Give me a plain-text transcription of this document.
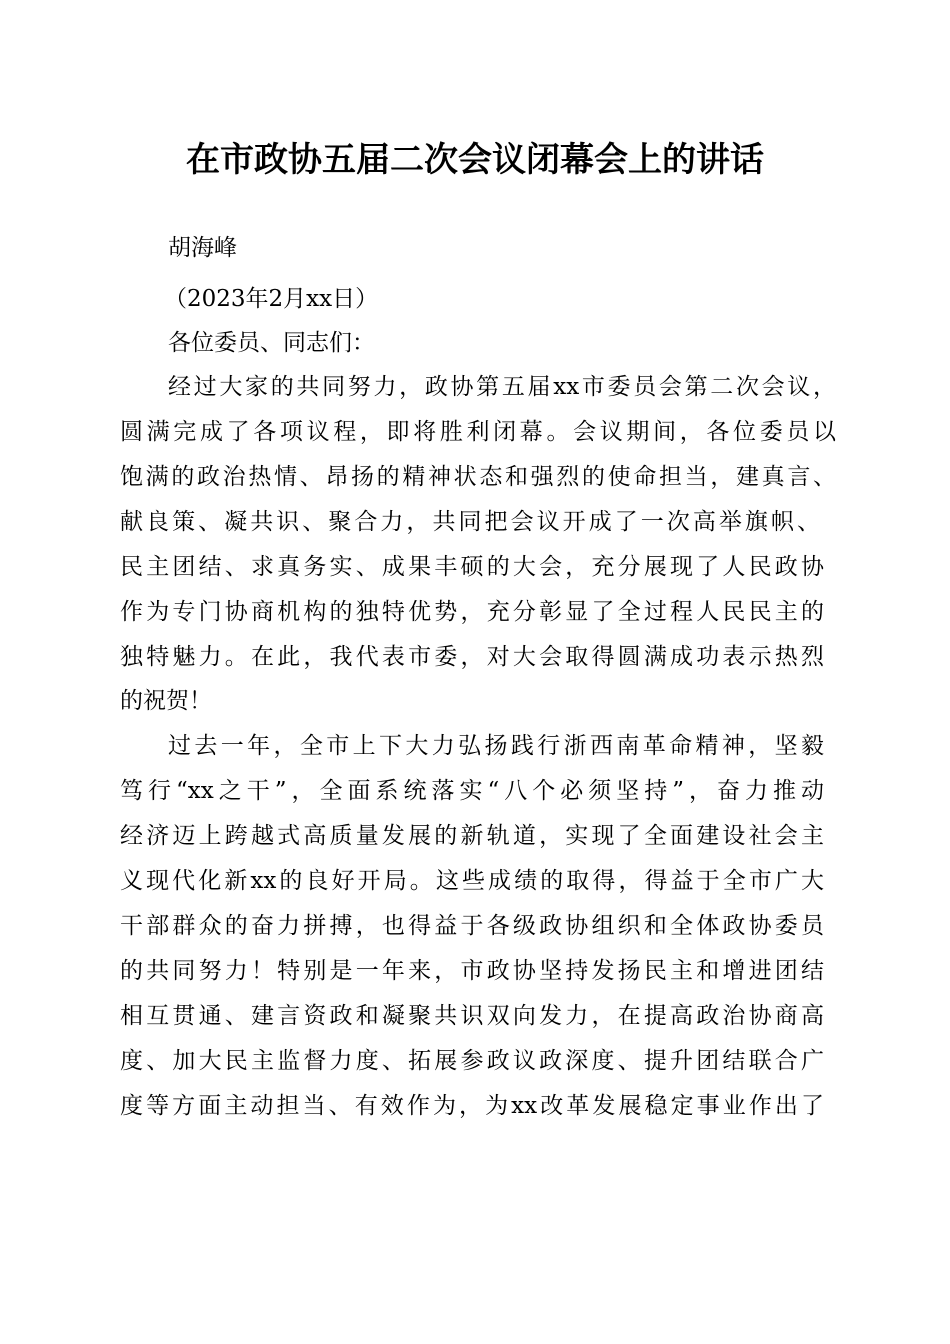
在市政协五届二次会议闭幕会上的讲话
胡海峰
（2023年2月xx日）
各位委员、同志们：
经过大家的共同努力，政协第五届xx市委员会第二次会议，
圆满完成了各项议程，即将胜利闭幕。会议期间，各位委员以
饱满的政治热情、昂扬的精神状态和强烈的使命担当，建真言、
献良策、凝共识、聚合力，共同把会议开成了一次高举旗帜、
民主团结、求真务实、成果丰硕的大会，充分展现了人民政协
作为专门协商机构的独特优势，充分彰显了全过程人民民主的
独特魅力。在此，我代表市委，对大会取得圆满成功表示热烈
的祝贺！
过去一年，全市上下大力弘扬践行浙西南革命精神，坚毅
笃行“xx之干”，全面系统落实“八个必须坚持”，奋力推动
经济迈上跨越式高质量发展的新轨道，实现了全面建设社会主
义现代化新xx的良好开局。这些成绩的取得，得益于全市广大
干部群众的奋力拼搏，也得益于各级政协组织和全体政协委员
的共同努力！特别是一年来，市政协坚持发扬民主和增进团结
相互贯通、建言资政和凝聚共识双向发力，在提高政治协商高
度、加大民主监督力度、拓展参政议政深度、提升团结联合广
度等方面主动担当、有效作为，为xx改革发展稳定事业作出了
